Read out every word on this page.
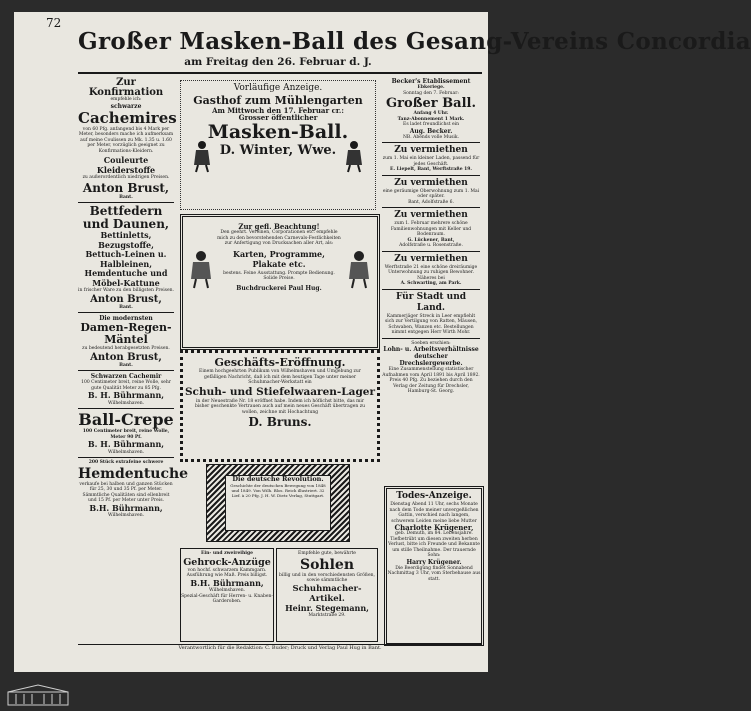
72
Großer Masken-Ball des Gesang-Vereins Concordia
am Freitag den 26. Februar d. J.
Zur Konfirmation
empfehle ich:
schwarze
Cachemires
von 60 Pfg. anfangend bis 4 Mark per Meter, besonders mache ich aufmerksam auf meine Coulissen zu Mk. 1.35 u. 1.60 per Meter, vorzüglich geeignet zu Konfirmations-Kleidern.
Couleurte Kleiderstoffe
zu außerordentlich niedrigen Preisen.
Anton Brust,
Bant.
Bettfedern und Daunen,
Bettinletts, Bezugstoffe, Bettuch-Leinen u. Halbleinen, Hemdentuche und Möbel-Kattune
in frischer Ware zu den billigsten Preisen.
Anton Brust,
Bant.
Die modernsten
Damen-Regen-Mäntel
zu bedeutend herabgesetzten Preisen.
Anton Brust,
Bant.
Schwarzen Cachemir
100 Centimeter breit, reine Wolle, sehr gute Qualität Meter zu 85 Pfg.
B. H. Bührmann,
Wilhelmshaven.
Ball-Crepe
100 Centimeter breit, reine Wolle, Meter 90 Pf.
B. H. Bührmann,
Wilhelmshaven.
200 Stück extrafeine schwere
Hemdentuche
verkaufe bei halben und ganzen Stücken für 25, 30 und 35 Pf. per Meter. Sämmtliche Qualitäten sind ellenbreit und 15 Pf. per Meter unter Preis.
B.H. Bührmann,
Wilhelmshaven.
Vorläufige Anzeige.
Gasthof zum Mühlengarten
Am Mittwoch den 17. Februar cr.:
Grosser öffentlicher
Masken-Ball.
D. Winter, Wwe.
Zur gefl. Beachtung!
Den geehrt. Vereinen, Corporationen etc. empfehle mich zu den bevorstehenden Carnevals-Festlichkeiten zur Anfertigung von Drucksachen aller Art, als:
Karten, Programme, Plakate etc.
bestens. Feine Ausstattung. Prompte Bedienung. Solide Preise.
Buchdruckerei Paul Hug.
Geschäfts-Eröffnung.
Einem hochgeehrten Publikum von Wilhelmshaven und Umgebung zur gefälligen Nachricht, daß ich mit dem heutigen Tage unter meiner Schuhmacher-Werkstatt ein
Schuh- und Stiefelwaaren-Lager
in der Neuestraße Nr. 18 eröffnet habe. Indem ich höflichst bitte, das mir bisher geschenkte Vertrauen auch auf mein neues Geschäft übertragen zu wollen, zeichne mit Hochachtung
D. Bruns.
Die deutsche Revolution.
Geschichte der deutschen Bewegung von 1848 und 1849. Von Wilh. Blos. Reich illustriert. 32 Lief. à 20 Pfg. J. H. W. Dietz Verlag, Stuttgart.
Ein- und zweireihige
Gehrock-Anzüge
von hochf. schwarzem Kammgarn. Ausführung wie Maß. Preis billigst.
B.H. Bührmann,
Wilhelmshaven.
Spezial-Geschäft für Herren- u. Knaben-Garderoben.
Empfehle gute, bewährte
Sohlen
billig und in den verschiedensten Größen, sowie sämmtliche
Schuhmacher-Artikel.
Heinr. Stegemann,
Marktstraße 29.
Becker's Etablissement
Ebkeriege.
Sonntag den 7. Februar:
Großer Ball.
Anfang 4 Uhr.
Tanz-Abonnement 1 Mark.
Es ladet freundlichst ein
Aug. Becker.
NB. Abends volle Musik.
Zu vermiethen
zum 1. Mai ein kleiner Laden, passend für jedes Geschäft.
E. Liepelt, Bant, Werftstraße 19.
Zu vermiethen
eine geräumige Oberwohnung zum 1. Mai oder später.
Bant, Adolfstraße 6.
Zu vermiethen
zum 1. Februar mehrere schöne Familienwohnungen mit Keller und Bodenraum.
G. Lückener, Bant,
Adolfstraße u. Rosenstraße.
Zu vermiethen
Werftstraße 21 eine schöne dreiräumige Unterwohnung zu ruhigen Bewohner. Näheres bei
A. Schwarting, am Park.
Für Stadt und Land.
Kammerjäger Streck in Leer empfiehlt sich zur Vertilgung von Ratten, Mäusen, Schwaben, Wanzen etc. Bestellungen nimmt entgegen Herr Wirth Mohr.
Soeben erschien:
Lohn- u. Arbeitsverhältnisse
deutscher Drechslergewerbe.
Eine Zusammenstellung statistischer Aufnahmen vom April 1891 bis April 1892. Preis 40 Pfg. Zu beziehen durch den Verlag der Zeitung für Drechsler, Hamburg-St. Georg.
Todes-Anzeige.
Dienstag Abend 11 Uhr, sechs Monate nach dem Tode meiner unvergeßlichen Gattin, verschied nach langem, schwerem Leiden meine liebe Mutter
Charlotte Krügener,
geb. Demuth, im 84. Lebensjahre. Tiefbetrübt um diesen zweiten herben Verlust, bitte ich Freunde und Bekannte um stille Theilnahme. Der trauernde Sohn:
Harry Krügener.
Die Beerdigung findet Sonnabend Nachmittag 3 Uhr, vom Sterbehause aus statt.
Verantwortlich für die Redaktion: C. Buder; Druck und Verlag Paul Hug in Bant.
